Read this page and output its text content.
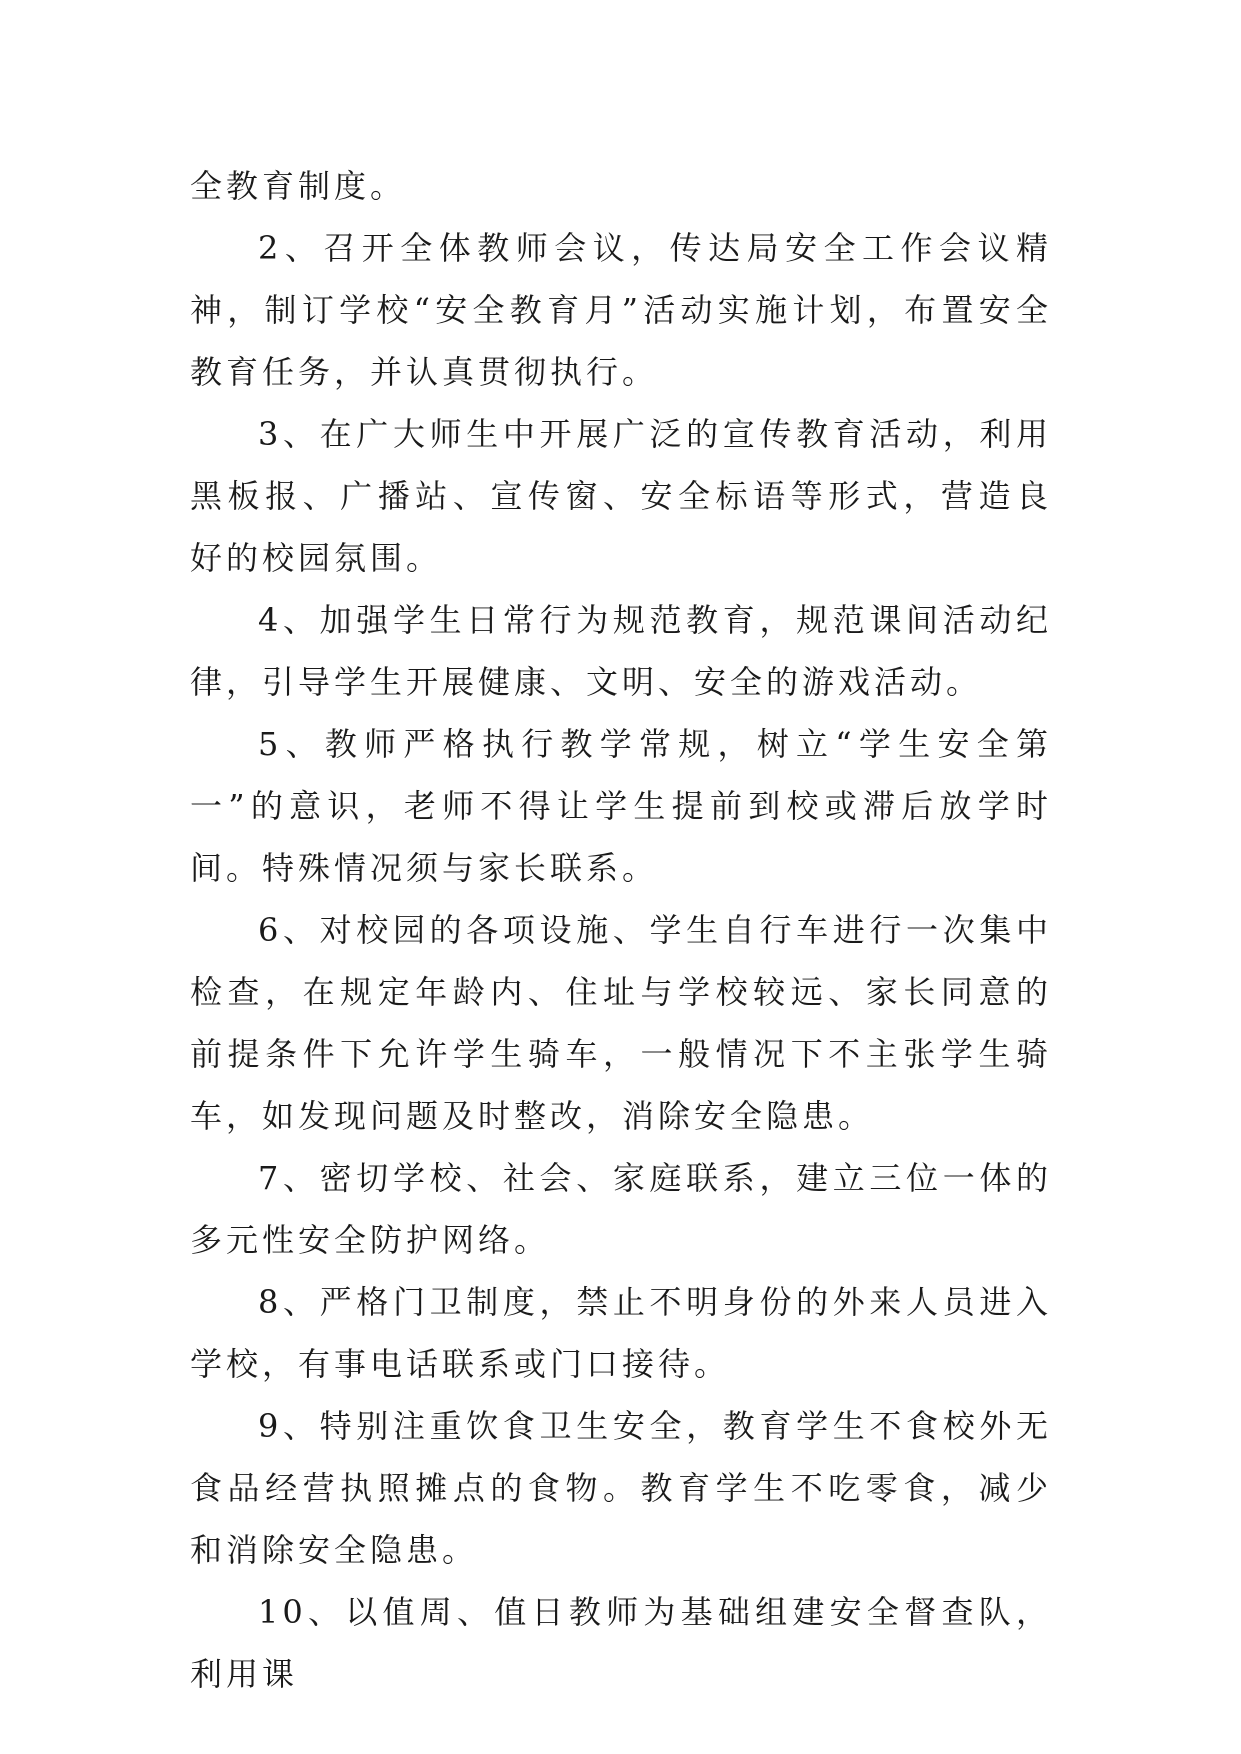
全教育制度。

2、召开全体教师会议，传达局安全工作会议精神，制订学校“安全教育月”活动实施计划，布置安全教育任务，并认真贯彻执行。

3、在广大师生中开展广泛的宣传教育活动，利用黑板报、广播站、宣传窗、安全标语等形式，营造良好的校园氛围。

4、加强学生日常行为规范教育，规范课间活动纪律，引导学生开展健康、文明、安全的游戏活动。

5、教师严格执行教学常规，树立“学生安全第一”的意识，老师不得让学生提前到校或滞后放学时间。特殊情况须与家长联系。

6、对校园的各项设施、学生自行车进行一次集中检查，在规定年龄内、住址与学校较远、家长同意的前提条件下允许学生骑车，一般情况下不主张学生骑车，如发现问题及时整改，消除安全隐患。

7、密切学校、社会、家庭联系，建立三位一体的多元性安全防护网络。

8、严格门卫制度，禁止不明身份的外来人员进入学校，有事电话联系或门口接待。

9、特别注重饮食卫生安全，教育学生不食校外无食品经营执照摊点的食物。教育学生不吃零食，减少和消除安全隐患。

10、以值周、值日教师为基础组建安全督查队，利用课
